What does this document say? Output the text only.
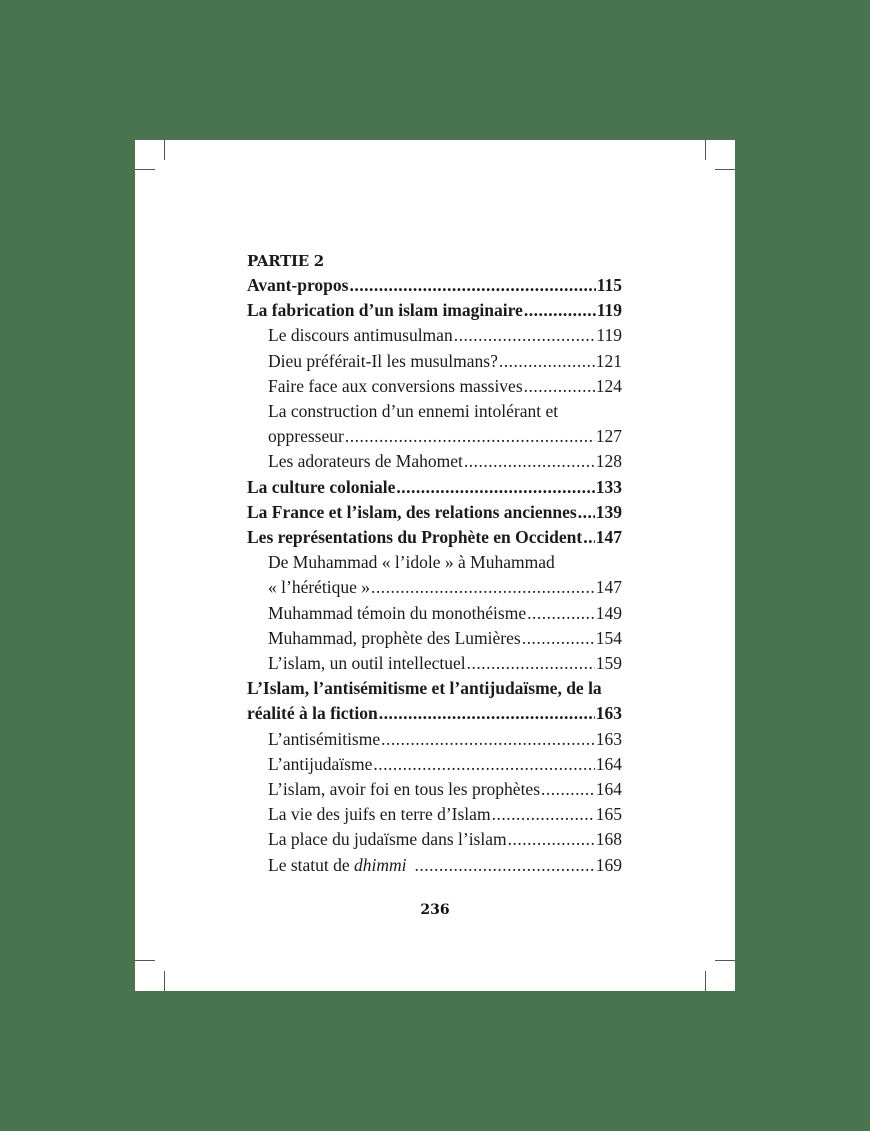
PARTIE 2
Avant-propos .....	115
La fabrication d’un islam imaginaire .....	119
Le discours antimusulman .....	119
Dieu préférait-Il les musulmans? .....	121
Faire face aux conversions massives .....	124
La construction d’un ennemi intolérant et
oppresseur .....	127
Les adorateurs de Mahomet .....	128
La culture coloniale .....	133
La France et l’islam, des relations anciennes ..... 139
Les représentations du Prophète en Occident ..... 147
De Muhammad « l’idole » à Muhammad
« l’hérétique » .....	147
Muhammad témoin du monothéisme .....	149
Muhammad, prophète des Lumières .....	154
L’islam, un outil intellectuel .....	159
L’Islam, l’antisémitisme et l’antijudaïsme, de la
réalité à la fiction .....	163
L’antisémitisme .....	163
L’antijudaïsme .....	164
L’islam, avoir foi en tous les prophètes .....	164
La vie des juifs en terre d’Islam .....	165
La place du judaïsme dans l’islam .....	168
Le statut de dhimmi .....	169
236
